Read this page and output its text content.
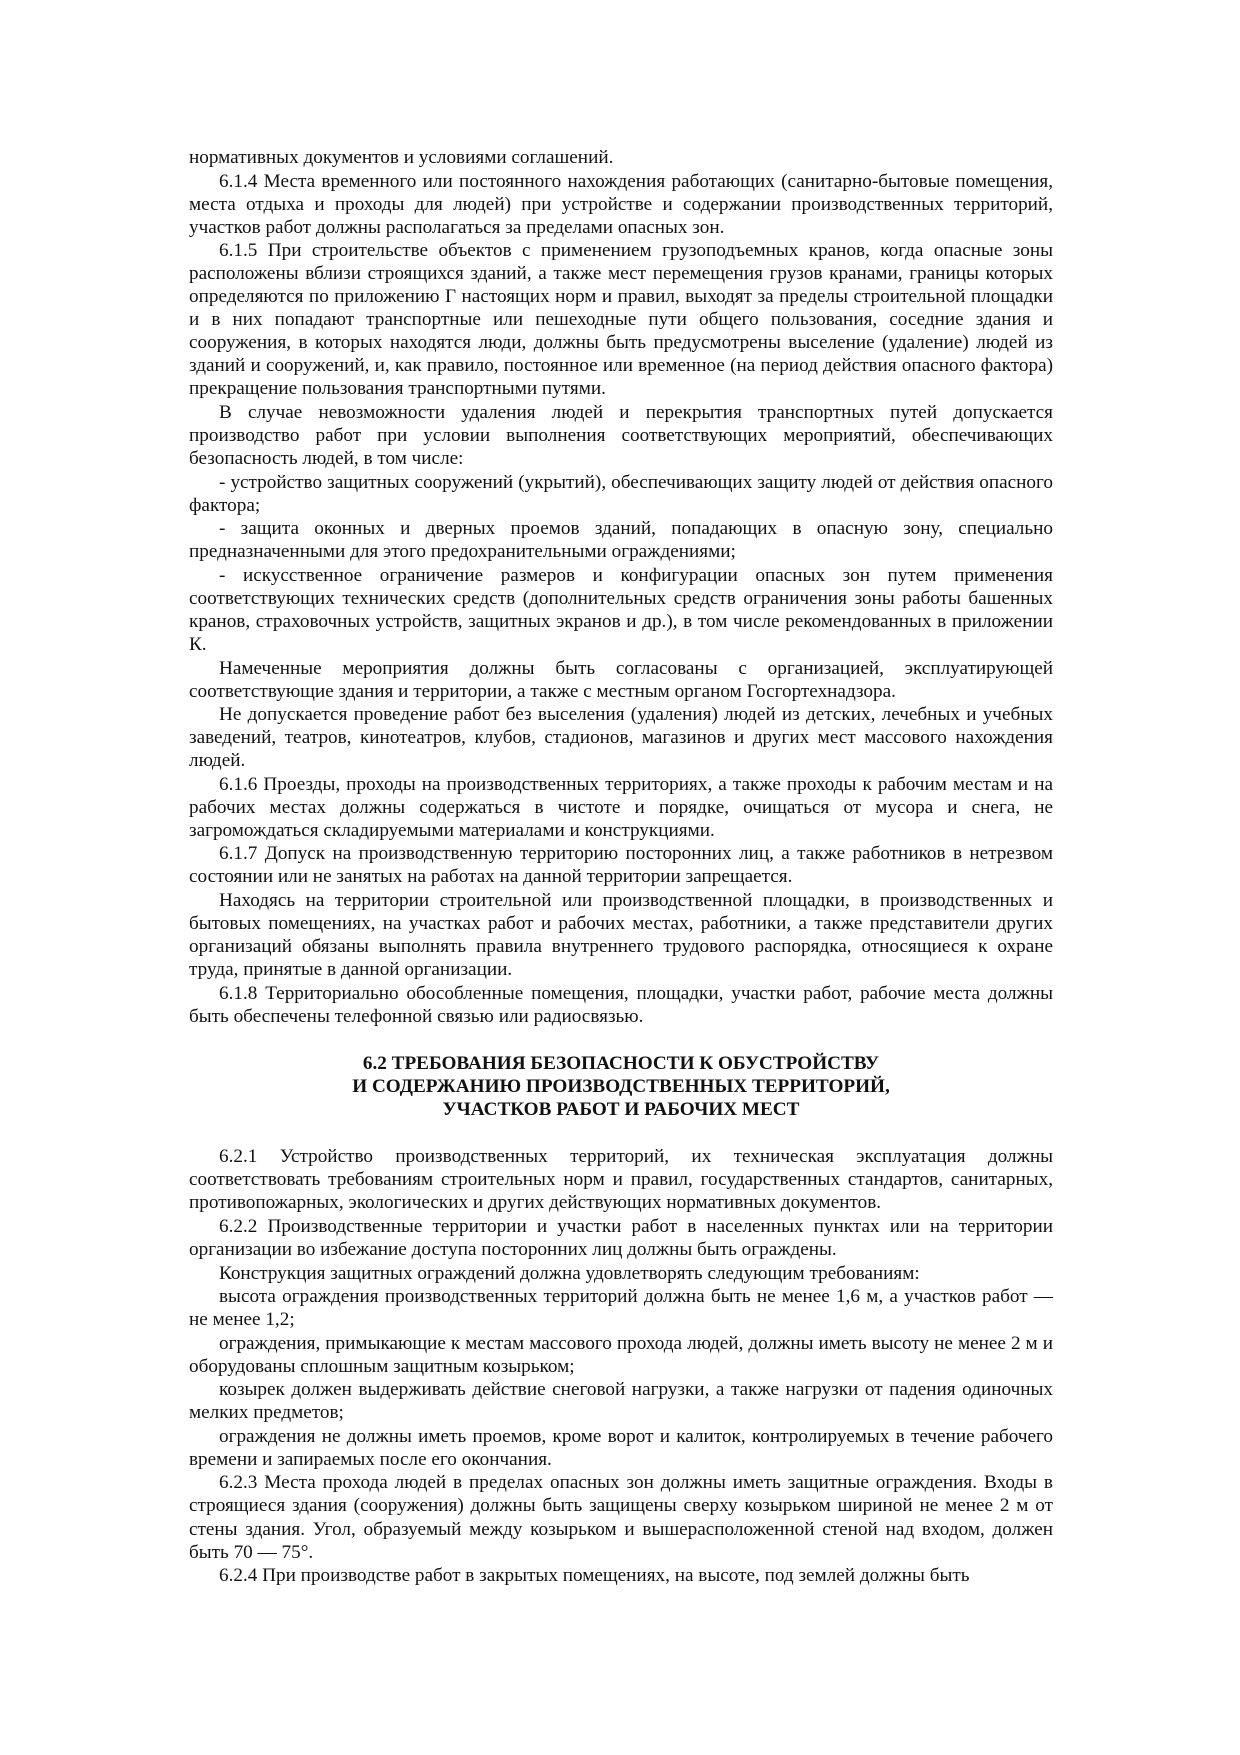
нормативных документов и условиями соглашений.

6.1.4 Места временного или постоянного нахождения работающих (санитарно-бытовые помещения, места отдыха и проходы для людей) при устройстве и содержании производственных территорий, участков работ должны располагаться за пределами опасных зон.

6.1.5 При строительстве объектов с применением грузоподъемных кранов, когда опасные зоны расположены вблизи строящихся зданий, а также мест перемещения грузов кранами, границы которых определяются по приложению Г настоящих норм и правил, выходят за пределы строительной площадки и в них попадают транспортные или пешеходные пути общего пользования, соседние здания и сооружения, в которых находятся люди, должны быть предусмотрены выселение (удаление) людей из зданий и сооружений, и, как правило, постоянное или временное (на период действия опасного фактора) прекращение пользования транспортными путями.

В случае невозможности удаления людей и перекрытия транспортных путей допускается производство работ при условии выполнения соответствующих мероприятий, обеспечивающих безопасность людей, в том числе:

- устройство защитных сооружений (укрытий), обеспечивающих защиту людей от действия опасного фактора;

- защита оконных и дверных проемов зданий, попадающих в опасную зону, специально предназначенными для этого предохранительными ограждениями;

- искусственное ограничение размеров и конфигурации опасных зон путем применения соответствующих технических средств (дополнительных средств ограничения зоны работы башенных кранов, страховочных устройств, защитных экранов и др.), в том числе рекомендованных в приложении К.

Намеченные мероприятия должны быть согласованы с организацией, эксплуатирующей соответствующие здания и территории, а также с местным органом Госгортехнадзора.

Не допускается проведение работ без выселения (удаления) людей из детских, лечебных и учебных заведений, театров, кинотеатров, клубов, стадионов, магазинов и других мест массового нахождения людей.

6.1.6 Проезды, проходы на производственных территориях, а также проходы к рабочим местам и на рабочих местах должны содержаться в чистоте и порядке, очищаться от мусора и снега, не загромождаться складируемыми материалами и конструкциями.

6.1.7 Допуск на производственную территорию посторонних лиц, а также работников в нетрезвом состоянии или не занятых на работах на данной территории запрещается.

Находясь на территории строительной или производственной площадки, в производственных и бытовых помещениях, на участках работ и рабочих местах, работники, а также представители других организаций обязаны выполнять правила внутреннего трудового распорядка, относящиеся к охране труда, принятые в данной организации.

6.1.8 Территориально обособленные помещения, площадки, участки работ, рабочие места должны быть обеспечены телефонной связью или радиосвязью.

6.2 ТРЕБОВАНИЯ БЕЗОПАСНОСТИ К ОБУСТРОЙСТВУ
И СОДЕРЖАНИЮ ПРОИЗВОДСТВЕННЫХ ТЕРРИТОРИЙ,
УЧАСТКОВ РАБОТ И РАБОЧИХ МЕСТ

6.2.1 Устройство производственных территорий, их техническая эксплуатация должны соответствовать требованиям строительных норм и правил, государственных стандартов, санитарных, противопожарных, экологических и других действующих нормативных документов.

6.2.2 Производственные территории и участки работ в населенных пунктах или на территории организации во избежание доступа посторонних лиц должны быть ограждены.

Конструкция защитных ограждений должна удовлетворять следующим требованиям:

высота ограждения производственных территорий должна быть не менее 1,6 м, а участков работ — не менее 1,2;

ограждения, примыкающие к местам массового прохода людей, должны иметь высоту не менее 2 м и оборудованы сплошным защитным козырьком;

козырек должен выдерживать действие снеговой нагрузки, а также нагрузки от падения одиночных мелких предметов;

ограждения не должны иметь проемов, кроме ворот и калиток, контролируемых в течение рабочего времени и запираемых после его окончания.

6.2.3 Места прохода людей в пределах опасных зон должны иметь защитные ограждения. Входы в строящиеся здания (сооружения) должны быть защищены сверху козырьком шириной не менее 2 м от стены здания. Угол, образуемый между козырьком и вышерасположенной стеной над входом, должен быть 70 — 75°.

6.2.4 При производстве работ в закрытых помещениях, на высоте, под землей должны быть
